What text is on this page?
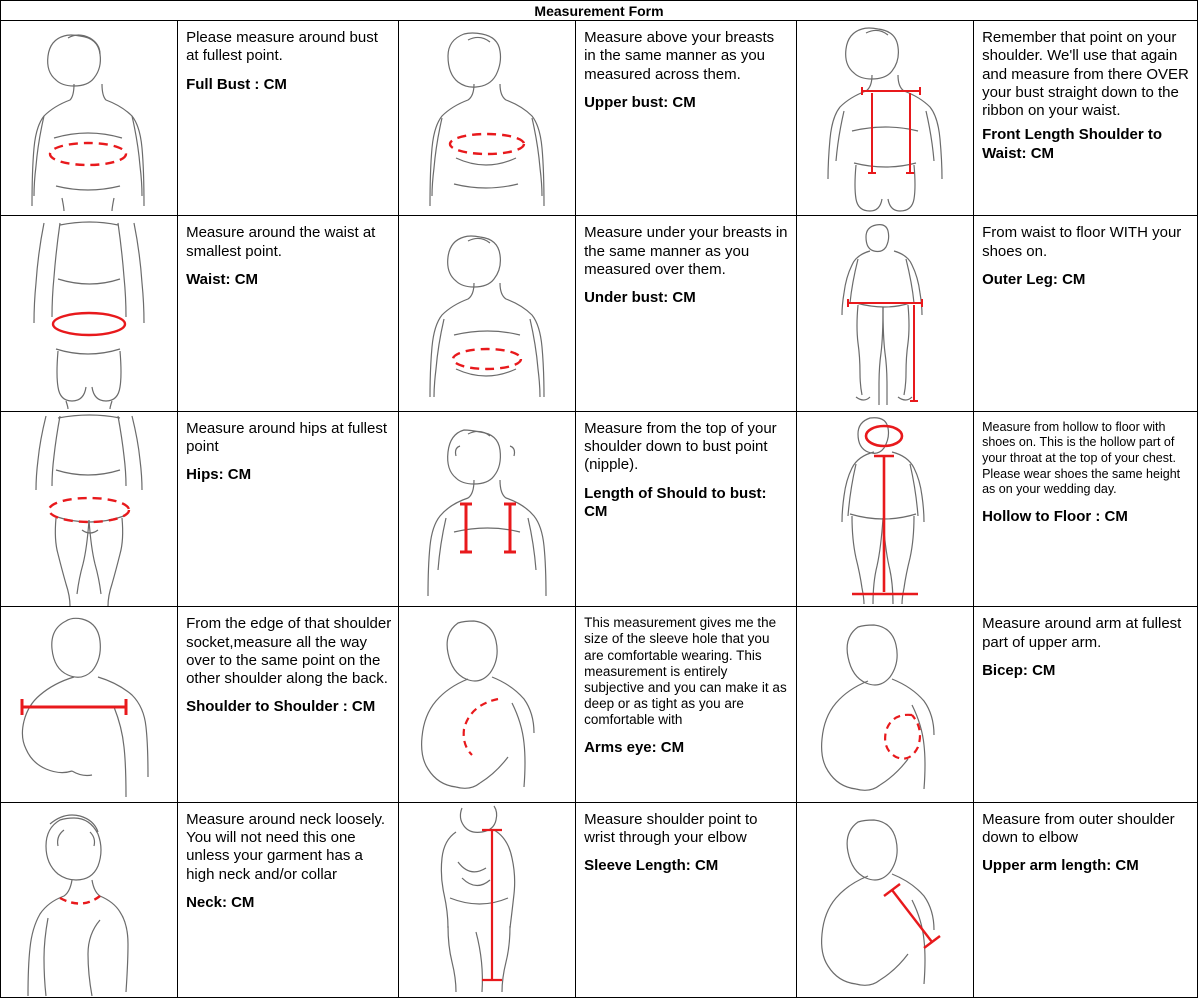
Measurement Form
Please measure around bust at fullest point.
Full Bust : CM
Measure above your breasts in the same manner as you measured across them.
Upper bust: CM
Remember that point on your shoulder. We'll use that again and measure from there OVER your bust straight down to the ribbon on your waist.
Front Length Shoulder to Waist: CM
Measure around the waist at smallest point.
Waist: CM
Measure under your breasts in the same manner as you measured over them.
Under bust: CM
From waist to floor WITH your shoes on.
Outer Leg: CM
Measure around hips at fullest point
Hips: CM
Measure from the top of your shoulder down to bust point (nipple).
Length of Should to bust: CM
Measure from hollow to floor with shoes on. This is the hollow part of your throat at the top of your chest. Please wear shoes the same height as on your wedding day.
Hollow to Floor : CM
From the edge of that shoulder socket,measure all the way over to the same point on the other shoulder along the back.
Shoulder to Shoulder : CM
This measurement gives me the size of the sleeve hole that you are comfortable wearing. This measurement is entirely subjective and you can make it as deep or as tight as you are comfortable with
Arms eye: CM
Measure around arm at fullest part of upper arm.
Bicep: CM
Measure around neck loosely. You will not need this one unless your garment has a high neck and/or collar
Neck: CM
Measure shoulder point to wrist through your elbow
Sleeve Length: CM
Measure from outer shoulder down to elbow
Upper arm length: CM
